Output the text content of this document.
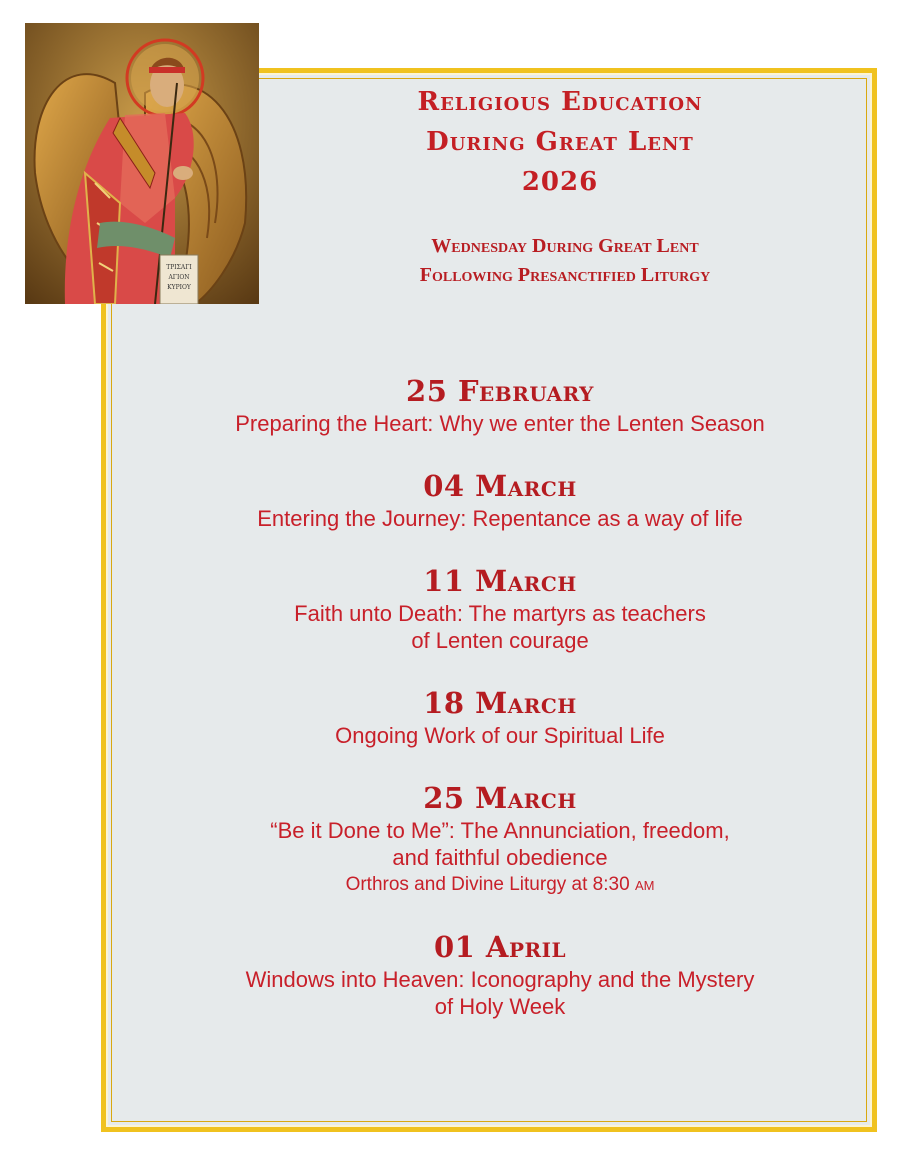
ΤΡΙΣΑΓΙ
ΑΓΙΟΝ
ΚΥΡΙΟΥ
Religious Education
During Great Lent
2026
Wednesday During Great Lent
Following Presanctified Liturgy
25 February
Preparing the Heart: Why we enter the Lenten Season
04 March
Entering the Journey: Repentance as a way of life
11 March
Faith unto Death: The martyrs as teachers
of Lenten courage
18 March
Ongoing Work of our Spiritual Life
25 March
“Be it Done to Me”: The Annunciation, freedom,
and faithful obedience
Orthros and Divine Liturgy at 8:30 am
01 April
Windows into Heaven: Iconography and the Mystery
of Holy Week
